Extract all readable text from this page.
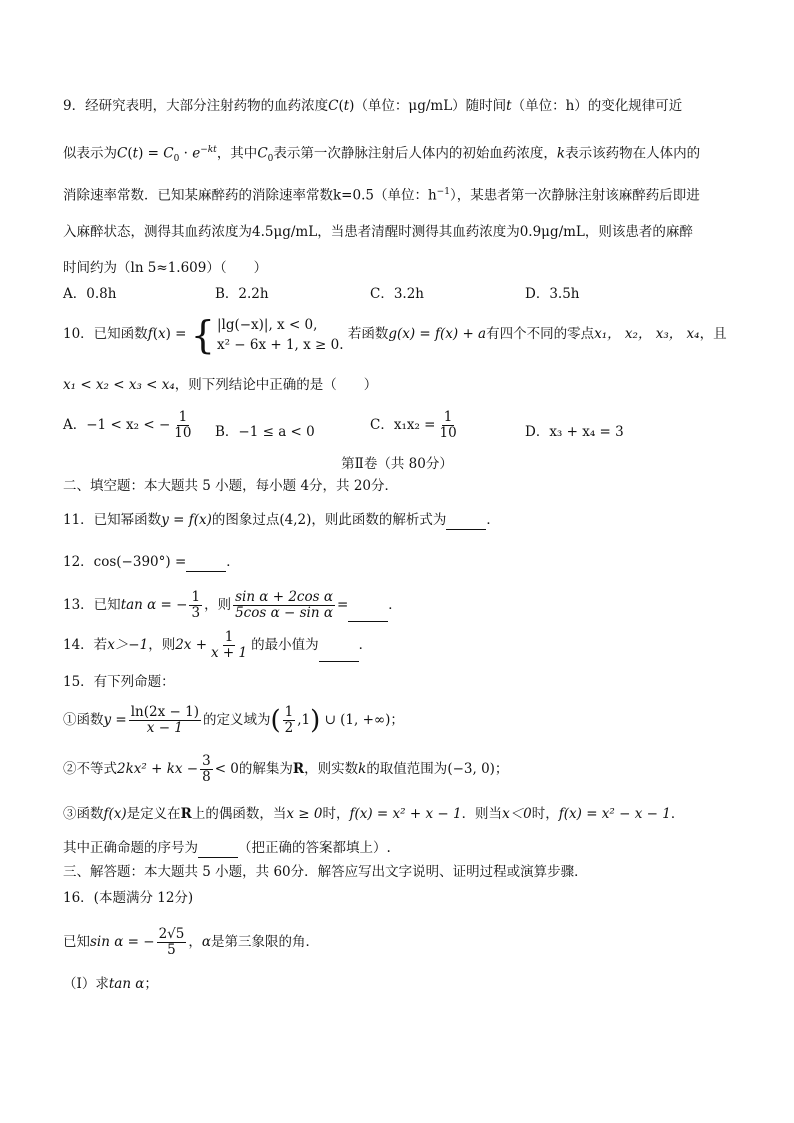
9．经研究表明，大部分注射药物的血药浓度C(t)（单位：μg/mL）随时间t（单位：h）的变化规律可近
似表示为$C(t) = C_0 \cdot e^{-kt}$，其中$C_0$表示第一次静脉注射后人体内的初始血药浓度，k表示该药物在人体内的
消除速率常数．已知某麻醉药的消除速率常数k=0.5（单位：$h^{-1}$），某患者第一次静脉注射该麻醉药后即进
入麻醉状态，测得其血药浓度为4.5μg/mL，当患者清醒时测得其血药浓度为0.9μg/mL，则该患者的麻醉
时间约为（ln 5≈1.609）（　　）
A．0.8h	B．2.2h	C．3.2h	D．3.5h
10．已知函数f(x) = { |lg(−x)|, x < 0,
x² − 6x + 1, x ≥ 0.
若函数g(x) = f(x) + a有四个不同的零点x₁， x₂， x₃， x₄，且
x₁ < x₂ < x₃ < x₄，则下列结论中正确的是（　　）
A．−1 < x₂ < − $\frac{1}{10}$ B．−1 ≤ a < 0	C．$x_1x_2 = \frac{1}{10}$	D．x₃ + x₄ = 3
第Ⅱ卷（共 80分）
二、填空题：本大题共 5 小题，每小题 4分，共 20分．
11．已知幂函数y = f(x)的图象过点(4,2)，则此函数的解析式为	．
12．cos(−390°) =	．
13．已知tan α = − $\frac{1}{3}$ ，则 $\frac{\text{sin α + 2cos α}}{\text{5cos α − sin α}}$ =	．
14．若x＞−1，则$2x + \frac{1}{x + 1}$ 的最小值为	．
15．有下列命题：
①函数$y = \frac{\ln(2x - 1)}{x - 1}$ 的定义域为( $\frac{1}{2} ,1$) ∪ (1, +∞)；
②不等式2kx² + kx − $\frac{3}{8} < 0$的解集为R，则实数k的取值范围为(−3, 0)；
③函数f(x)是定义在R上的偶函数，当x ≥ 0时，f(x) = x² + x − 1．则当x＜0时，f(x) = x² − x − 1．
其中正确命题的序号为	（把正确的答案都填上）.
三、解答题：本大题共 5 小题，共 60分．解答应写出文字说明、证明过程或演算步骤．
16．(本题满分 12分)
已知sin α = − $\frac{2√5}{5}$ ，α是第三象限的角．
（Ⅰ）求tan α；
